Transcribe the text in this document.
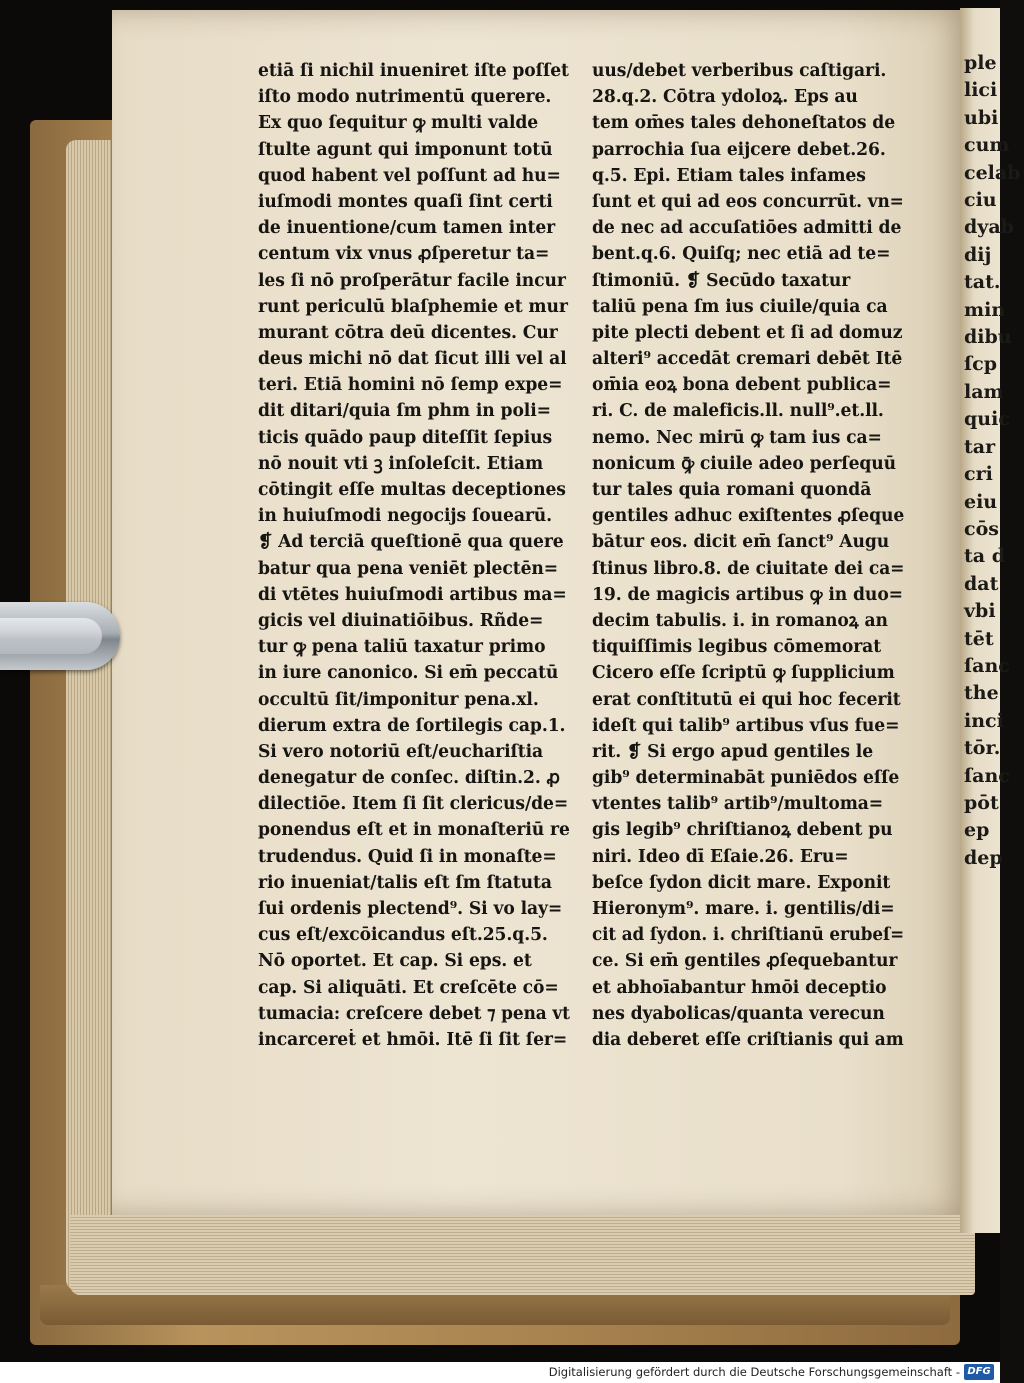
ple
lici
ubi
cum
celab
ciu
dyab
dij
tat.
min
dibu
ſcp
lam
quic
tar
cri
eiu
cōs
ta d
dat
vbi
tēt
ſanc
the
inci
tōr.
ſanc
pōt
ep
dep
etiā ſi nichil inueniret iſte poſſet
iſto modo nutrimentū querere.
Ex quo ſequitur ꝙ multi valde
ſtulte agunt qui imponunt totū
quod habent vel poſſunt ad hu=
iuſmodi montes quaſi ſint certi
de inuentione/cum tamen inter
centum vix vnus ꝓſperetur ta=
les ſi nō proſperātur facile incur
runt periculū blaſphemie et mur
murant cōtra deū dicentes. Cur
deus michi nō dat ſicut illi vel al
teri. Etiā homini nō ſemp expe=
dit ditari/quia ſm phm in poli=
ticis quādo paup diteſſit ſepius
nō nouit vti ꝫ inſoleſcit. Etiam
cōtingit eſſe multas deceptiones
in huiuſmodi negocijs ſouearū.
❡ Ad terciā queſtionē qua quere
batur qua pena veniēt plectēn=
di vtētes huiuſmodi artibus ma=
gicis vel diuinatiōibus. Rñde=
tur ꝙ pena taliū taxatur primo
in iure canonico. Si em̄ peccatū
occultū ſit/imponitur pena.xl.
dierum extra de ſortilegis cap.1.
Si vero notoriū eſt/euchariſtia
denegatur de conſec. diſtin.2. ꝓ
dilectiōe. Item ſi ſit clericus/de=
ponendus eſt et in monaſteriū re
trudendus. Quid ſi in monaſte=
rio inueniat/talis eſt ſm ſtatuta
ſui ordenis plectend⁹. Si vo lay=
cus eſt/excōicandus eſt.25.q.5.
Nō oportet. Et cap. Si eps. et
cap. Si aliquāti. Et creſcēte cō=
tumacia: creſcere debet ⁊ pena vt
incarcereṫ et hmōi. Itē ſi ſit ſer=
uus/debet verberibus caſtigari.
28.q.2. Cōtra ydoloꝝ. Eps au
tem om̄es tales dehoneſtatos de
parrochia ſua eijcere debet.26.
q.5. Epi. Etiam tales infames
ſunt et qui ad eos concurrūt. vn=
de nec ad accuſatiōes admitti de
bent.q.6. Quiſq; nec etiā ad te=
ſtimoniū. ❡ Secūdo taxatur
taliū pena ſm ius ciuile/quia ca
pite plecti debent et ſi ad domuz
alteri⁹ accedāt cremari debēt Itē
om̄ia eoꝝ bona debent publica=
ri. C. de maleficis.ll. null⁹.et.ll.
nemo. Nec mirū ꝙ tam ius ca=
nonicum ꝙ̄ ciuile adeo perſequū
tur tales quia romani quondā
gentiles adhuc exiſtentes ꝓſeque
bātur eos. dicit em̄ ſanct⁹ Augu
ſtinus libro.8. de ciuitate dei ca=
19. de magicis artibus ꝙ in duo=
decim tabulis. i. in romanoꝝ an
tiquiſſimis legibus cōmemorat
Cicero eſſe ſcriptū ꝙ ſupplicium
erat conſtitutū ei qui hoc fecerit
ideſt qui talib⁹ artibus vſus fue=
rit. ❡ Si ergo apud gentiles le
gib⁹ determinabāt puniēdos eſſe
vtentes talib⁹ artib⁹/multoma=
gis legib⁹ chriſtianoꝝ debent pu
niri. Ideo dī Eſaie.26. Eru=
beſce ſydon dicit mare. Exponit
Hieronym⁹. mare. i. gentilis/di=
cit ad ſydon. i. chriſtianū erubeſ=
ce. Si em̄ gentiles ꝓſequebantur
et abhoīabantur hmōi deceptio
nes dyabolicas/quanta verecun
dia deberet eſſe criſtianis qui am
Digitalisierung gefördert durch die Deutsche Forschungsgemeinschaft - DFG
